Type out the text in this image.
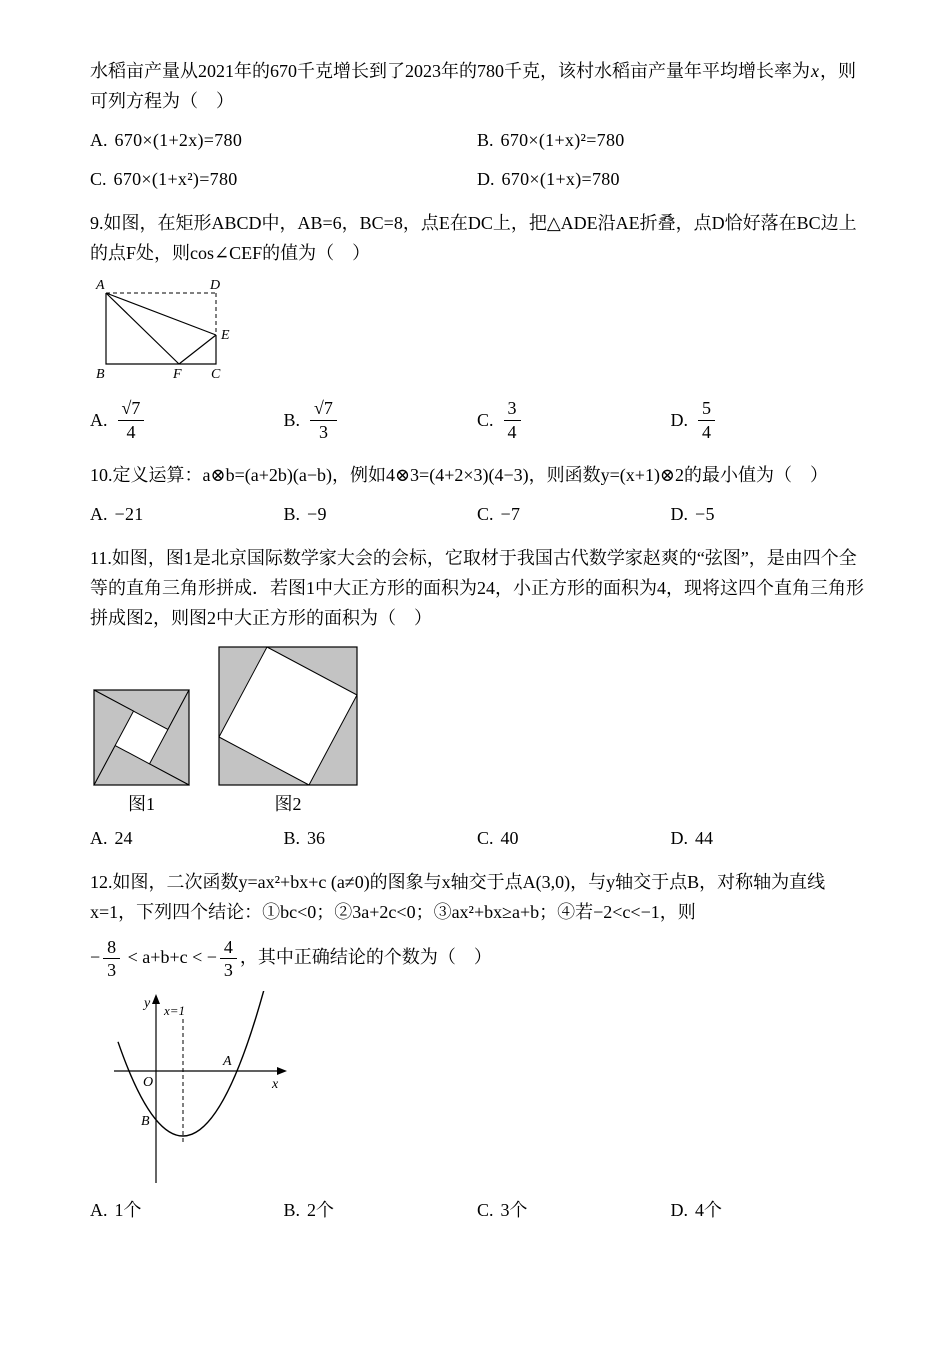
水稻亩产量从2021年的670千克增长到了2023年的780千克，该村水稻亩产量年平均增长率为x，则可列方程为（　）

A. 670×(1+2x)=780	B. 670×(1+x)²=780
C. 670×(1+x²)=780	D. 670×(1+x)=780

9.如图，在矩形ABCD中，AB=6，BC=8，点E在DC上，把△ADE沿AE折叠，点D恰好落在BC边上的点F处，则cos∠CEF的值为（　）

A	D
E
B	F C
A. $\frac{√7}{4}$	B. $\frac{√7}{3}$	C. $\frac{3}{4}$	D. $\frac{5}{4}$

10.定义运算：a⊗b=(a+2b)(a−b)，例如4⊗3=(4+2×3)(4−3)，则函数y=(x+1)⊗2的最小值为（　）

A. −21	B. −9	C. −7	D. −5

11.如图，图1是北京国际数学家大会的会标，它取材于我国古代数学家赵爽的“弦图”，是由四个全等的直角三角形拼成．若图1中大正方形的面积为24，小正方形的面积为4，现将这四个直角三角形拼成图2，则图2中大正方形的面积为（　）

图1	图2
A. 24	B. 36	C. 40	D. 44

12.如图，二次函数y=ax²+bx+c (a≠0)的图象与x轴交于点A(3,0)，与y轴交于点B，对称轴为直线x=1，下列四个结论：①bc<0；②3a+2c<0；③ax²+bx≥a+b；④若−2<c<−1，则

− $\frac{8}{3} < a+b+c$ < − $\frac{4}{3}$ ，其中正确结论的个数为（　）

y
x
O
A
B
x=1
A. 1个	B. 2个	C. 3个	D. 4个
